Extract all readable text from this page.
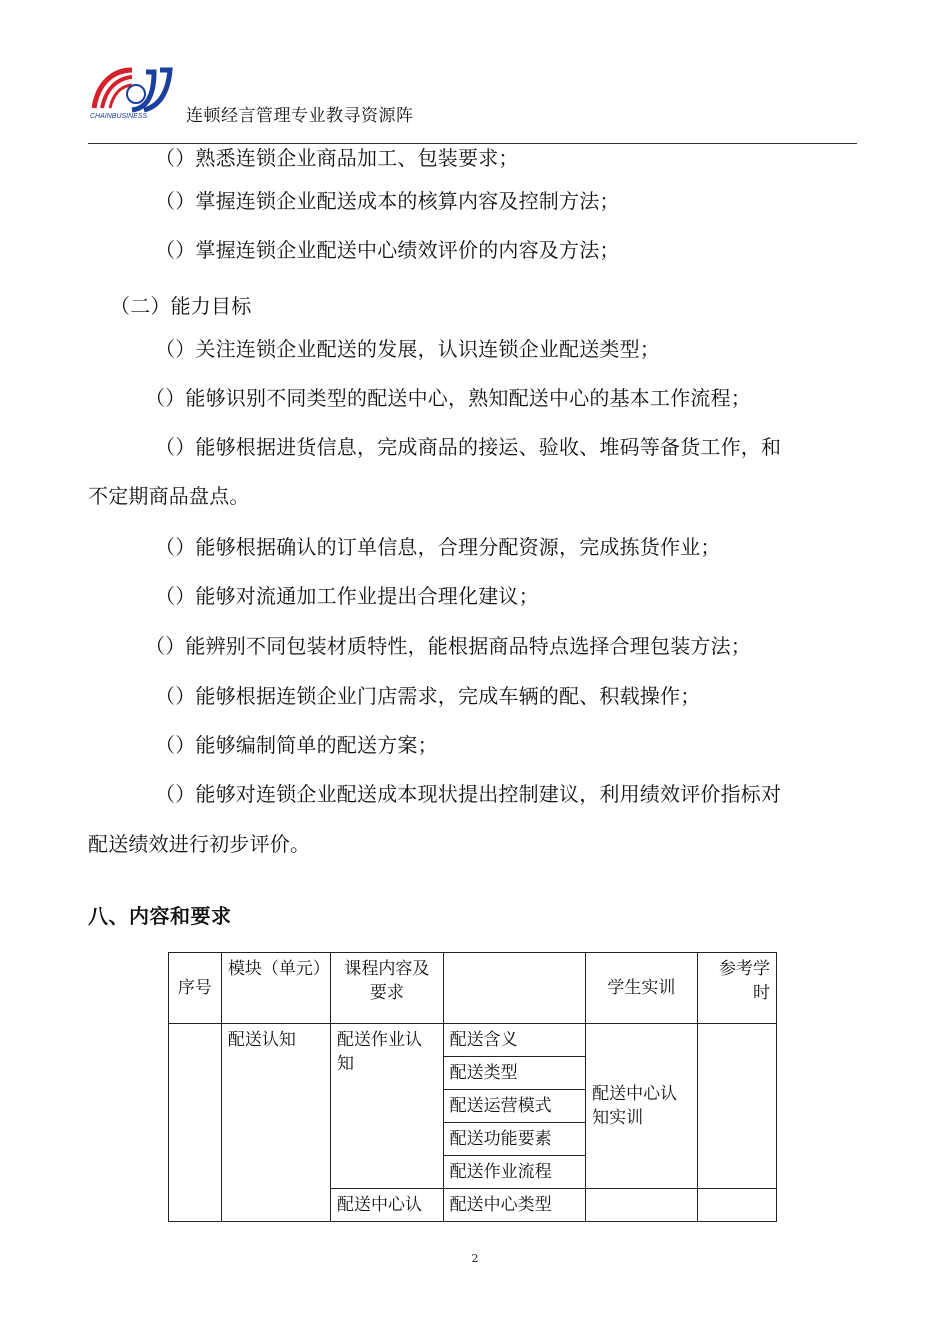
CHAINBUSINESS 连顿经言管理专业教寻资源阵
（）熟悉连锁企业商品加工、包装要求；
（）掌握连锁企业配送成本的核算内容及控制方法；
（）掌握连锁企业配送中心绩效评价的内容及方法；
（二）能力目标
（）关注连锁企业配送的发展，认识连锁企业配送类型；
（）能够识别不同类型的配送中心，熟知配送中心的基本工作流程；
（）能够根据进货信息，完成商品的接运、验收、堆码等备货工作，和
不定期商品盘点。
（）能够根据确认的订单信息，合理分配资源，完成拣货作业；
（）能够对流通加工作业提出合理化建议；
（）能辨别不同包装材质特性，能根据商品特点选择合理包装方法；
（）能够根据连锁企业门店需求，完成车辆的配、积载操作；
（）能够编制简单的配送方案；
（）能够对连锁企业配送成本现状提出控制建议，利用绩效评价指标对
配送绩效进行初步评价。
八、内容和要求
序号	模块（单元）	课程内容及要求		学生实训	参考学时
	配送认知	配送作业认知	配送含义	配送中心认知实训	
			配送类型		
			配送运营模式		
			配送功能要素		
			配送作业流程		
		配送中心认	配送中心类型		
2
